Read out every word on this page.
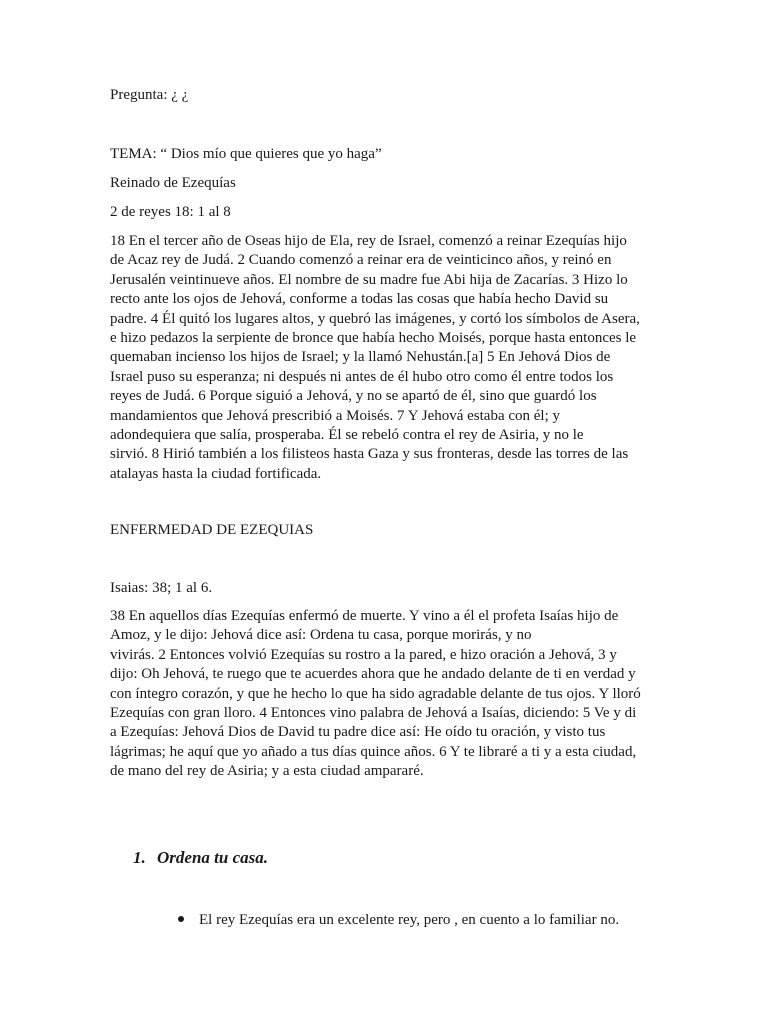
Pregunta: ¿ ¿

TEMA: “ Dios mío que quieres que yo haga”

Reinado de Ezequías

2 de reyes 18: 1 al 8

18 En el tercer año de Oseas hijo de Ela, rey de Israel, comenzó a reinar Ezequías hijo
de Acaz rey de Judá. 2 Cuando comenzó a reinar era de veinticinco años, y reinó en
Jerusalén veintinueve años. El nombre de su madre fue Abi hija de Zacarías. 3 Hizo lo
recto ante los ojos de Jehová, conforme a todas las cosas que había hecho David su
padre. 4 Él quitó los lugares altos, y quebró las imágenes, y cortó los símbolos de Asera,
e hizo pedazos la serpiente de bronce que había hecho Moisés, porque hasta entonces le
quemaban incienso los hijos de Israel; y la llamó Nehustán.[a] 5 En Jehová Dios de
Israel puso su esperanza; ni después ni antes de él hubo otro como él entre todos los
reyes de Judá. 6 Porque siguió a Jehová, y no se apartó de él, sino que guardó los
mandamientos que Jehová prescribió a Moisés. 7 Y Jehová estaba con él; y
adondequiera que salía, prosperaba. Él se rebeló contra el rey de Asiria, y no le
sirvió. 8 Hirió también a los filisteos hasta Gaza y sus fronteras, desde las torres de las
atalayas hasta la ciudad fortificada.

ENFERMEDAD DE EZEQUIAS

Isaias: 38; 1 al 6.

38 En aquellos días Ezequías enfermó de muerte. Y vino a él el profeta Isaías hijo de
Amoz, y le dijo: Jehová dice así: Ordena tu casa, porque morirás, y no
vivirás. 2 Entonces volvió Ezequías su rostro a la pared, e hizo oración a Jehová, 3 y
dijo: Oh Jehová, te ruego que te acuerdes ahora que he andado delante de ti en verdad y
con íntegro corazón, y que he hecho lo que ha sido agradable delante de tus ojos. Y lloró
Ezequías con gran lloro. 4 Entonces vino palabra de Jehová a Isaías, diciendo: 5 Ve y di
a Ezequías: Jehová Dios de David tu padre dice así: He oído tu oración, y visto tus
lágrimas; he aquí que yo añado a tus días quince años. 6 Y te libraré a ti y a esta ciudad,
de mano del rey de Asiria; y a esta ciudad ampararé.
1. Ordena tu casa.
El rey Ezequías era un excelente rey, pero , en cuento a lo familiar no.
